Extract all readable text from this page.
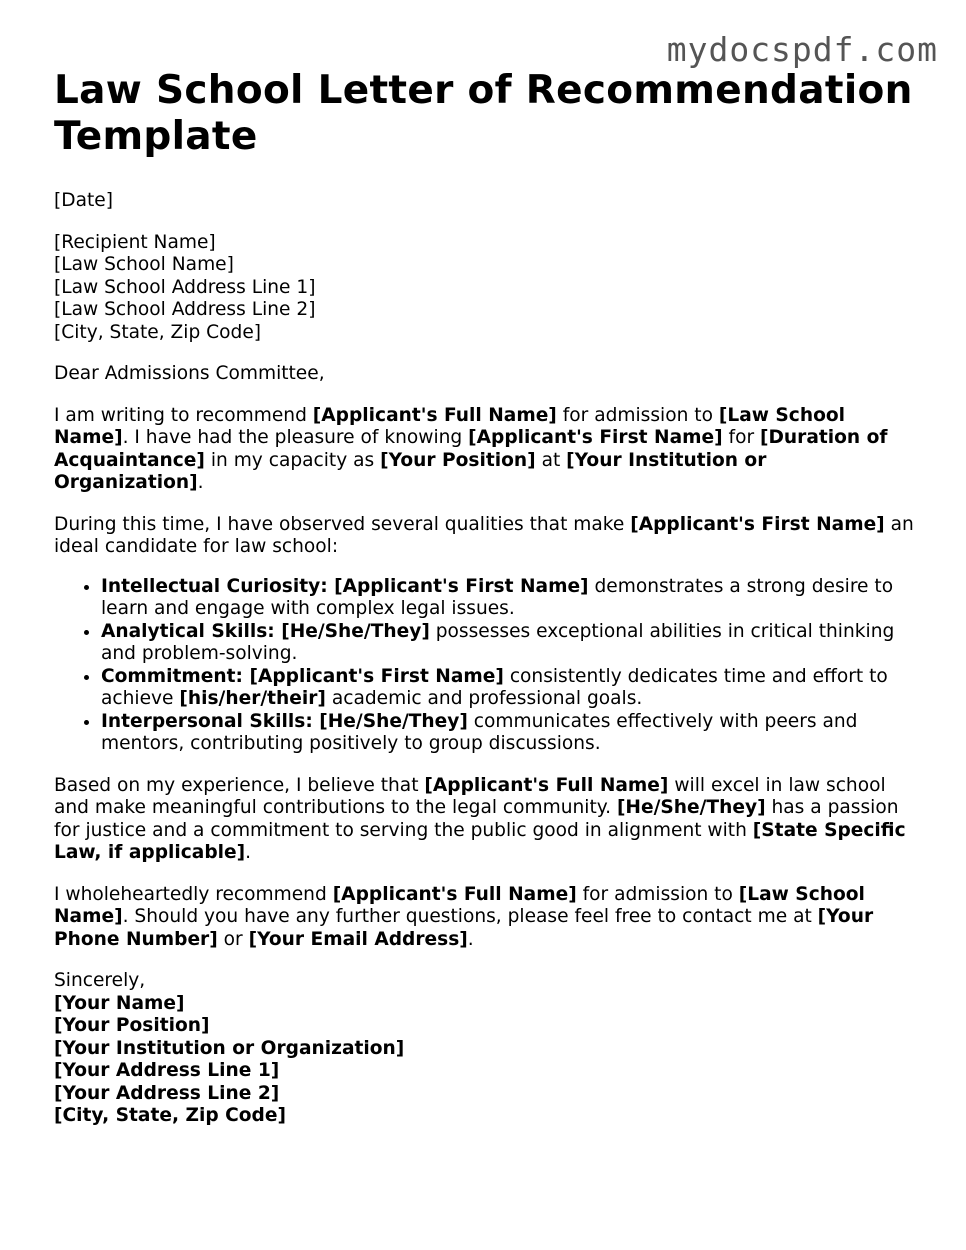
mydocspdf.com
Law School Letter of Recommendation Template

[Date]

[Recipient Name]
[Law School Name]
[Law School Address Line 1]
[Law School Address Line 2]
[City, State, Zip Code]

Dear Admissions Committee,

I am writing to recommend [Applicant's Full Name] for admission to [Law School Name]. I have had the pleasure of knowing [Applicant's First Name] for [Duration of Acquaintance] in my capacity as [Your Position] at [Your Institution or Organization].

During this time, I have observed several qualities that make [Applicant's First Name] an ideal candidate for law school:

• Intellectual Curiosity: [Applicant's First Name] demonstrates a strong desire to learn and engage with complex legal issues.
• Analytical Skills: [He/She/They] possesses exceptional abilities in critical thinking and problem-solving.
• Commitment: [Applicant's First Name] consistently dedicates time and effort to achieve [his/her/their] academic and professional goals.
• Interpersonal Skills: [He/She/They] communicates effectively with peers and mentors, contributing positively to group discussions.

Based on my experience, I believe that [Applicant's Full Name] will excel in law school and make meaningful contributions to the legal community. [He/She/They] has a passion for justice and a commitment to serving the public good in alignment with [State Specific Law, if applicable].

I wholeheartedly recommend [Applicant's Full Name] for admission to [Law School Name]. Should you have any further questions, please feel free to contact me at [Your Phone Number] or [Your Email Address].

Sincerely,
[Your Name]
[Your Position]
[Your Institution or Organization]
[Your Address Line 1]
[Your Address Line 2]
[City, State, Zip Code]
